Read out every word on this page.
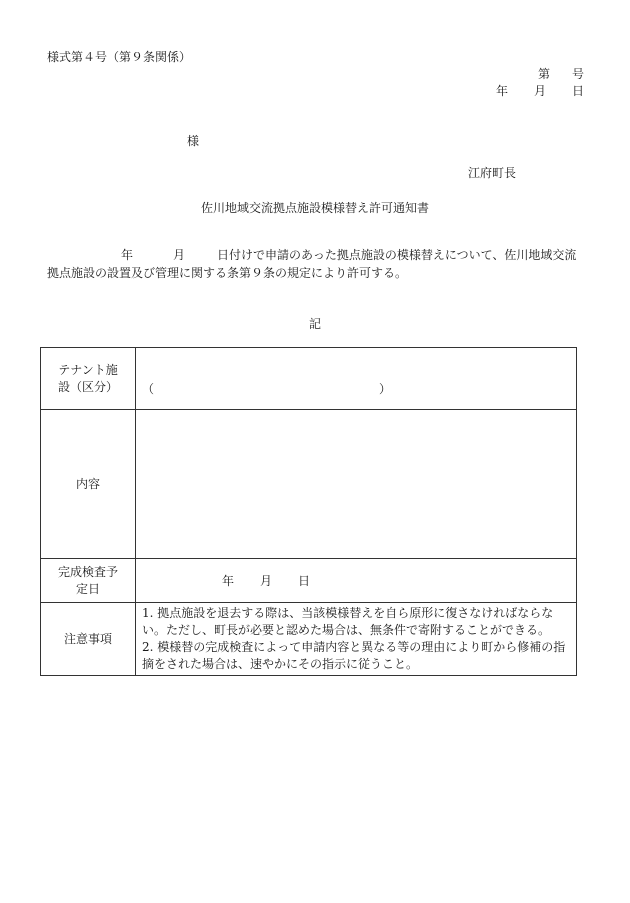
様式第４号（第９条関係）
第 号
年 月 日
様
江府町長
佐川地域交流拠点施設模様替え許可通知書
年	月	日付けで申請のあった拠点施設の模様替えについて、佐川地域交流拠点施設の設置及び管理に関する条第９条の規定により許可する。
記
テナント施設（区分）	（ ）

内容	
完成検査予定日	年 月 日
注意事項	1. 拠点施設を退去する際は、当該模様替えを自ら原形に復さなければならない。ただし、町長が必要と認めた場合は、無条件で寄附することができる。

2. 模様替の完成検査によって申請内容と異なる等の理由により町から修補の指摘をされた場合は、速やかにその指示に従うこと。
